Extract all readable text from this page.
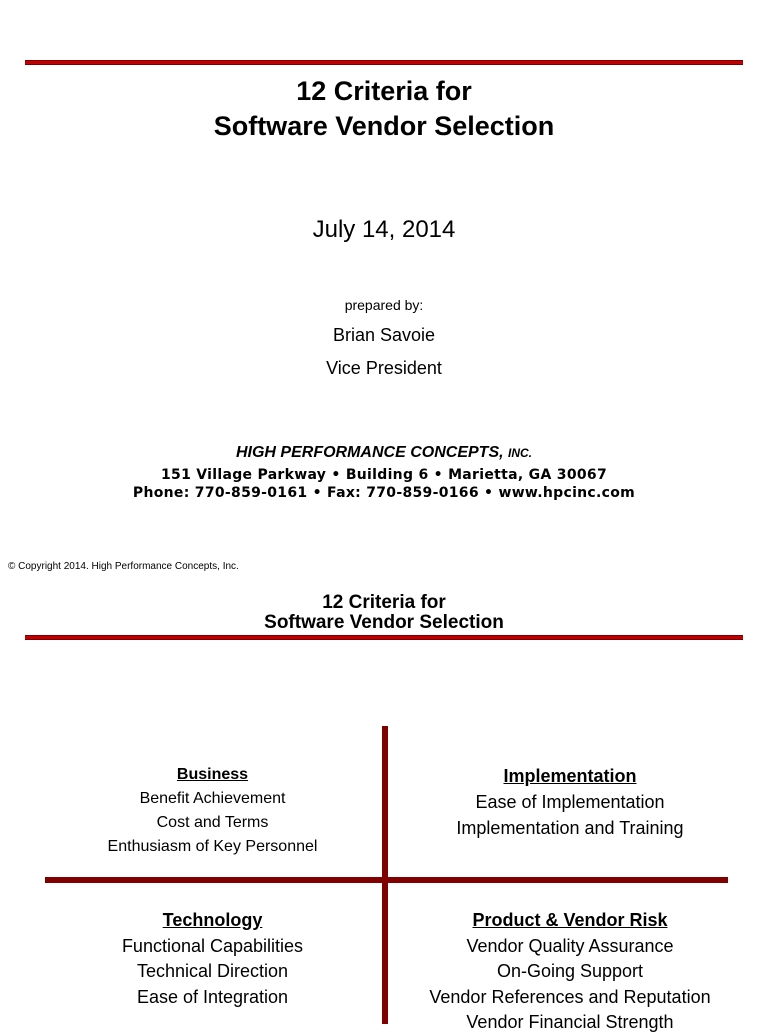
12 Criteria for
Software Vendor Selection
July 14, 2014
prepared by:
Brian Savoie
Vice President
HIGH PERFORMANCE CONCEPTS, INC.
151 Village Parkway • Building 6 • Marietta, GA 30067
Phone: 770-859-0161 • Fax: 770-859-0166 • www.hpcinc.com
© Copyright 2014. High Performance Concepts, Inc.
12 Criteria for
Software Vendor Selection
Business
Benefit Achievement
Cost and Terms
Enthusiasm of Key Personnel
Implementation
Ease of Implementation
Implementation and Training
Technology
Functional Capabilities
Technical Direction
Ease of Integration
Product & Vendor Risk
Vendor Quality Assurance
On-Going Support
Vendor References and Reputation
Vendor Financial Strength
